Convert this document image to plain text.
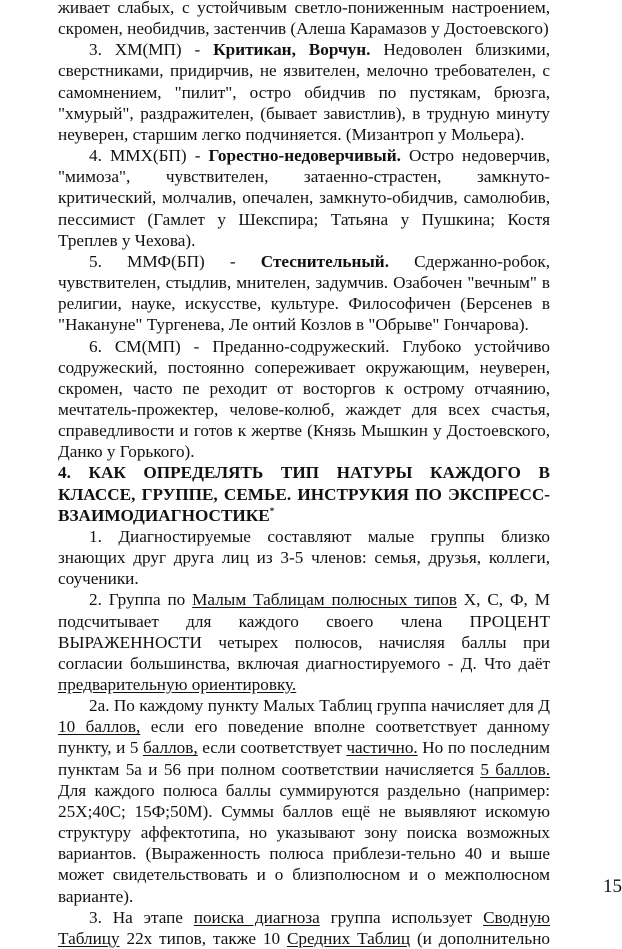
живает слабых, с устойчивым светло-пониженным настроением, скромен, необидчив, застенчив (Алеша Карамазов у Достоевского)

3. ХМ(МП) - Критикан, Ворчун. Недоволен близкими, сверстниками, придирчив, не язвителен, мелочно требователен, с самомнением, "пилит", остро обидчив по пустякам, брюзга, "хмурый", раздражителен, (бывает завистлив), в трудную минуту неуверен, старшим легко подчиняется. (Мизантроп у Мольера).

4. МMX(БП) - Горестно-недоверчивый. Остро недоверчив, "мимоза", чувствителен, затаенно-страстен, замкнуто-критический, молчалив, опечален, замкнуто-обидчив, самолюбив, пессимист (Гамлет у Шекспира; Татьяна у Пушкина; Костя Треплев у Чехова).

5. ММФ(БП) - Стеснительный. Сдержанно-робок, чувствителен, стыдлив, мнителен, задумчив. Озабочен "вечным" в религии, науке, искусстве, культуре. Философичен (Берсенев в "Накануне" Тургенева, Ле онтий Козлов в "Обрыве" Гончарова).

6. СМ(МП) - Преданно-содружеский. Глубоко устойчиво содружеский, постоянно сопереживает окружающим, неуверен, скромен, часто пе реходит от восторгов к острому отчаянию, мечтатель-прожектер, челове-колюб, жаждет для всех счастья, справедливости и готов к жертве (Князь Мышкин у Достоевского, Данко у Горького).

4. КАК ОПРЕДЕЛЯТЬ ТИП НАТУРЫ КАЖДОГО В КЛАССЕ, ГРУППЕ, СЕМЬЕ. ИНСТРУКИЯ ПО ЭКСПРЕСС-ВЗАИМОДИАГНОСТИКЕ*

1. Диагностируемые составляют малые группы близко знающих друг друга лиц из 3-5 членов: семья, друзья, коллеги, соученики.

2. Группа по Малым Таблицам полюсных типов Х, С, Ф, М подсчитывает для каждого своего члена ПРОЦЕНТ ВЫРАЖЕННОСТИ четырех полюсов, начисляя баллы при согласии большинства, включая диагностируемого - Д. Что даёт предварительную ориентировку.

2а. По каждому пункту Малых Таблиц группа начисляет для Д 10 баллов, если его поведение вполне соответствует данному пункту, и 5 баллов, если соответствует частично. Но по последним пунктам 5а и 56 при полном соответствии начисляется 5 баллов. Для каждого полюса баллы суммируются раздельно (например: 25Х;40С; 15Ф;50М). Суммы баллов ещё не выявляют искомую структуру аффектотипа, но указывают зону поиска возможных вариантов. (Выраженность полюса приблези-тельно 40 и выше может свидетельствовать и о близполюсном и о межполюсном варианте).

3. На этапе поиска диагноза группа использует Сводную Таблицу 22х типов, также 10 Средних Таблиц (и дополнительно

15
